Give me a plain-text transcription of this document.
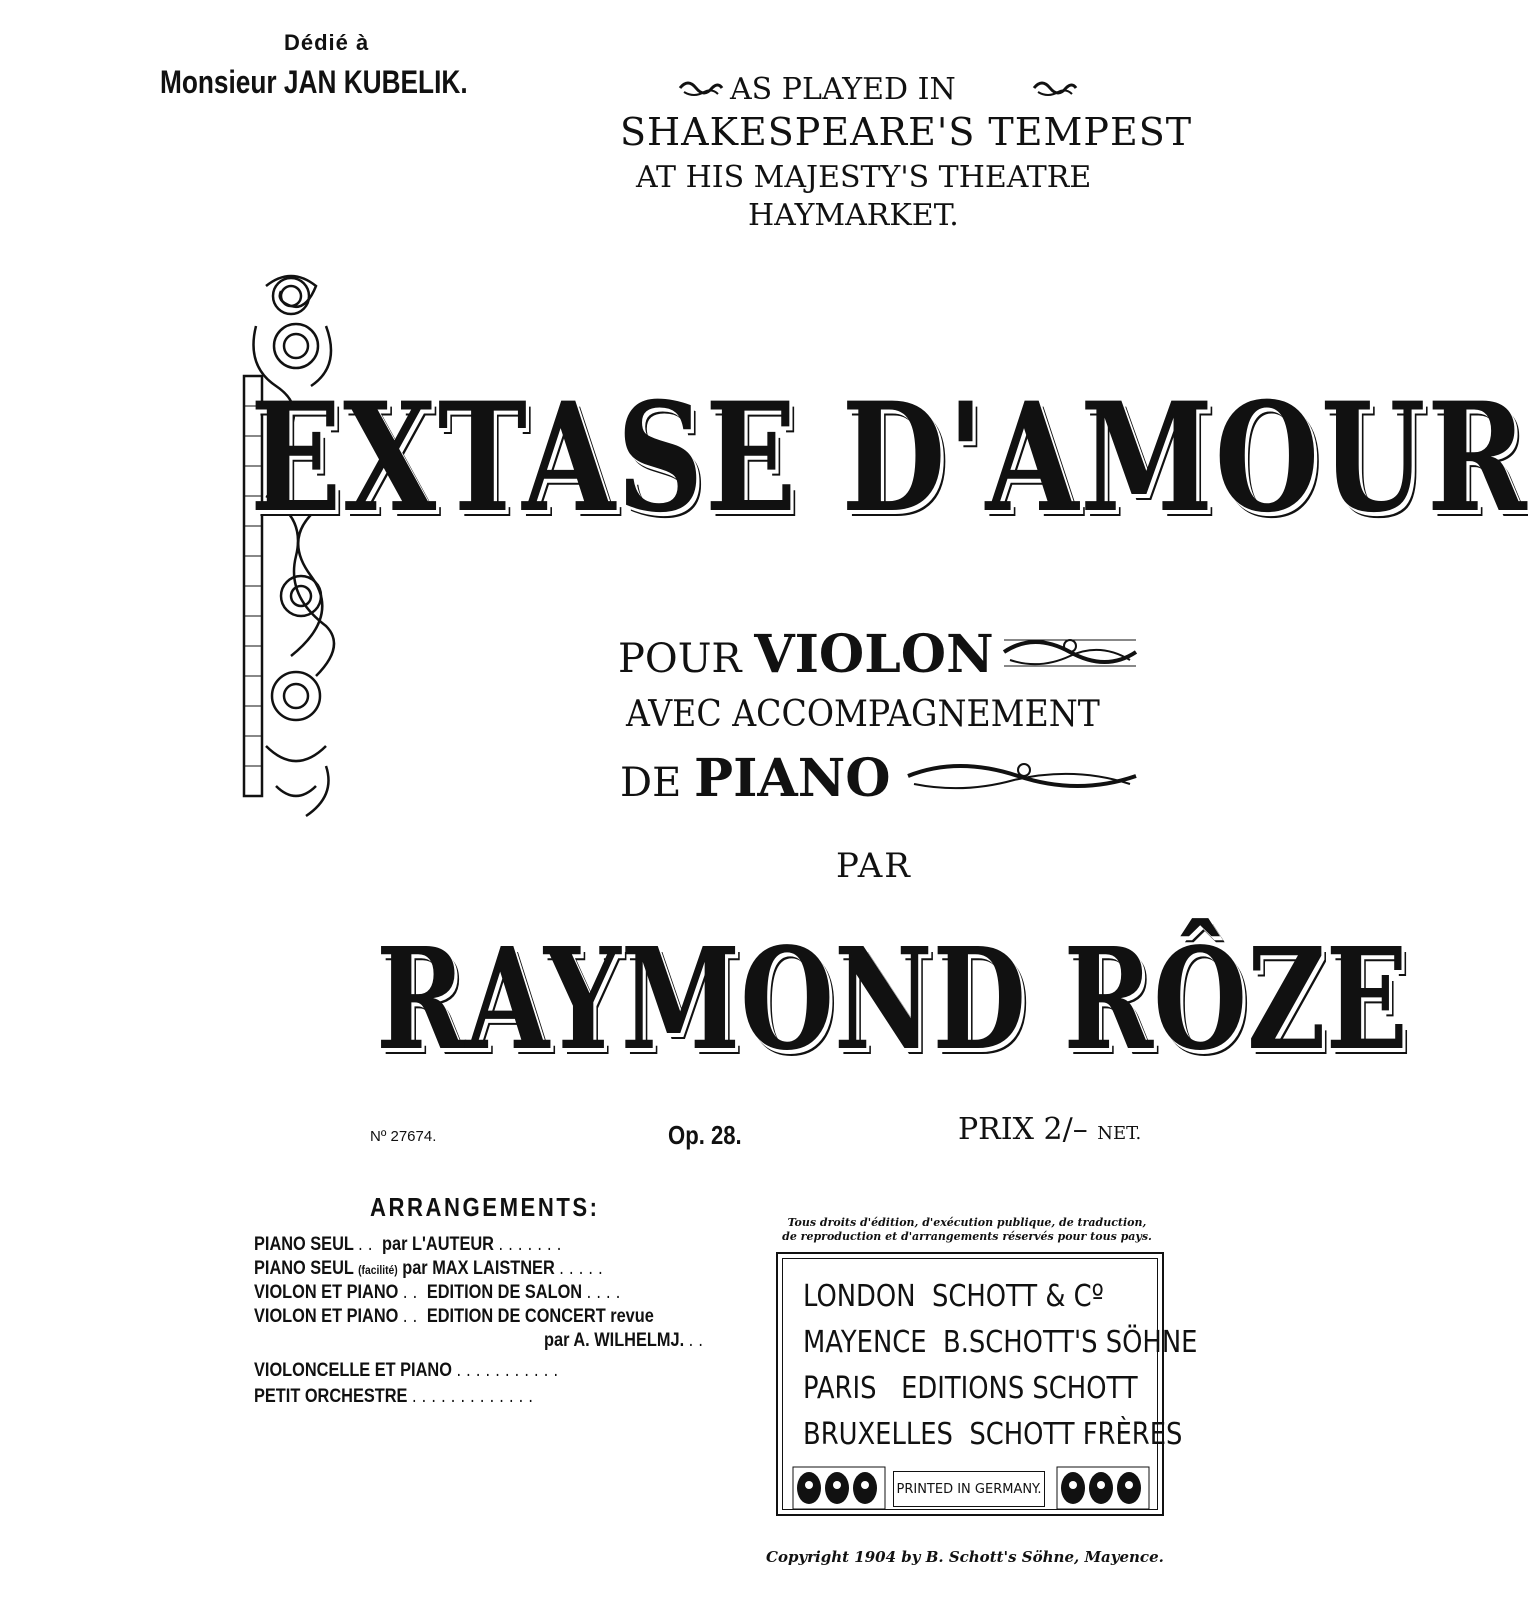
Dédié à
Monsieur JAN KUBELIK.	AS PLAYED IN
SHAKESPEARE'S TEMPEST
AT HIS MAJESTY'S THEATRE
HAYMARKET.
EXTASE D'AMOUR
POUR VIOLON
AVEC ACCOMPAGNEMENT
DE PIANO
PAR
RAYMOND RÔZE
Nº 27674.	Op. 28.	PRIX 2/– NET.
ARRANGEMENTS:
PIANO SEUL .. par L'AUTEUR .......
PIANO SEUL (facilité) par MAX LAISTNER .....
VIOLON ET PIANO .. EDITION DE SALON ....
VIOLON ET PIANO .. EDITION DE CONCERT revue
par A. WILHELMJ. ..
VIOLONCELLE ET PIANO ...........
PETIT ORCHESTRE .............
Tous droits d'édition, d'exécution publique, de traduction, de reproduction et d'arrangements réservés pour tous pays.
LONDON SCHOTT & Cº
MAYENCE B.SCHOTT'S SÖHNE
PARIS EDITIONS SCHOTT
BRUXELLES SCHOTT FRÈRES
PRINTED IN GERMANY.
Copyright 1904 by B. Schott's Söhne, Mayence.
